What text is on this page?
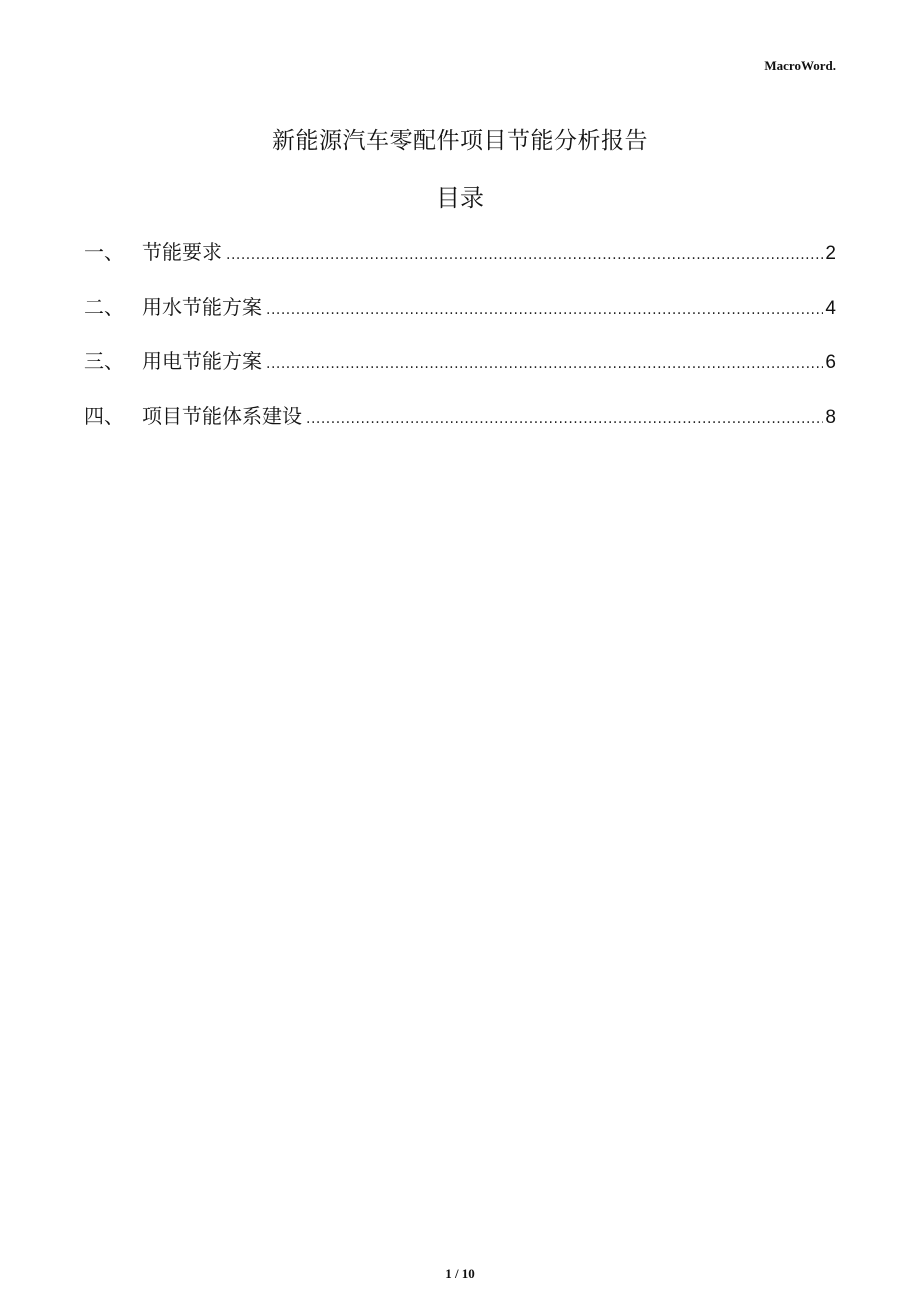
MacroWord.
新能源汽车零配件项目节能分析报告
目录
一、 节能要求 .....	2
二、 用水节能方案 .....	4
三、 用电节能方案 .....	6
四、 项目节能体系建设 .....	8
1 / 10
